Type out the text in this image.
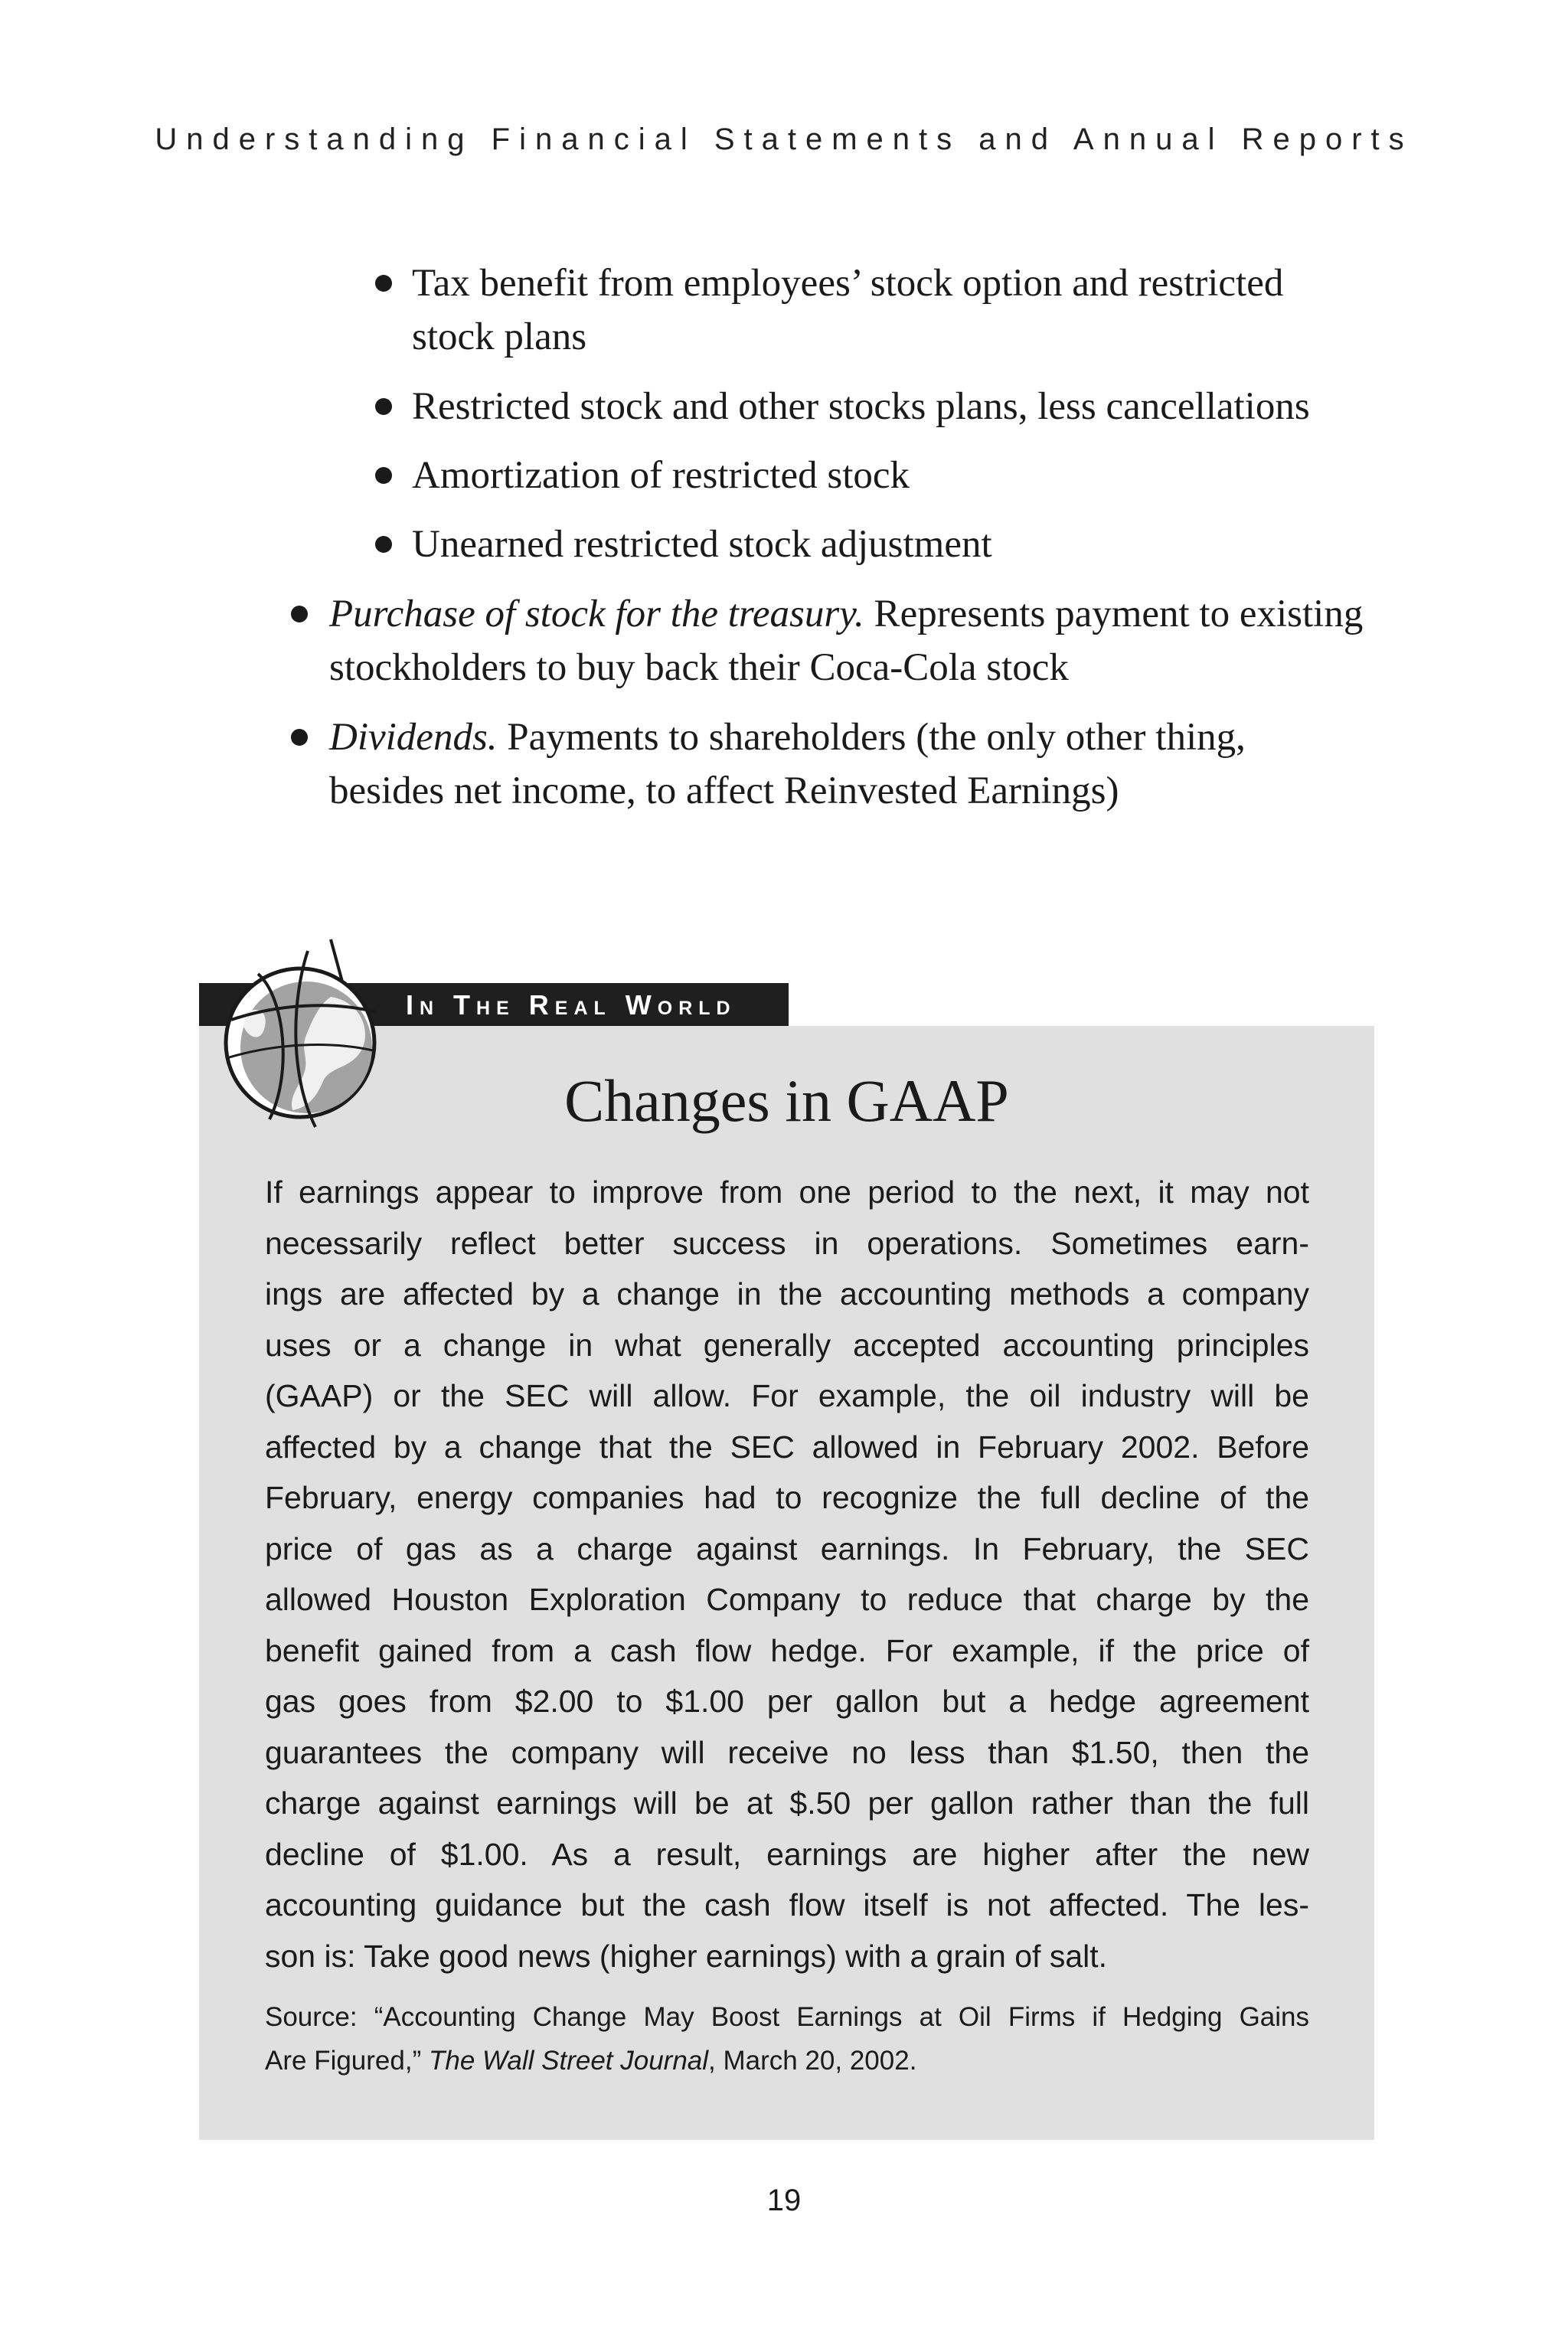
Understanding Financial Statements and Annual Reports
Tax benefit from employees’ stock option and restricted
stock plans
Restricted stock and other stocks plans, less cancellations
Amortization of restricted stock
Unearned restricted stock adjustment
Purchase of stock for the treasury. Represents payment to existing
stockholders to buy back their Coca-Cola stock
Dividends. Payments to shareholders (the only other thing,
besides net income, to affect Reinvested Earnings)
In The Real World
Changes in GAAP
If earnings appear to improve from one period to the next, it may not
necessarily reflect better success in operations. Sometimes earn-
ings are affected by a change in the accounting methods a company
uses or a change in what generally accepted accounting principles
(GAAP) or the SEC will allow. For example, the oil industry will be
affected by a change that the SEC allowed in February 2002. Before
February, energy companies had to recognize the full decline of the
price of gas as a charge against earnings. In February, the SEC
allowed Houston Exploration Company to reduce that charge by the
benefit gained from a cash flow hedge. For example, if the price of
gas goes from $2.00 to $1.00 per gallon but a hedge agreement
guarantees the company will receive no less than $1.50, then the
charge against earnings will be at $.50 per gallon rather than the full
decline of $1.00. As a result, earnings are higher after the new
accounting guidance but the cash flow itself is not affected. The les-
son is: Take good news (higher earnings) with a grain of salt.
Source: “Accounting Change May Boost Earnings at Oil Firms if Hedging Gains
Are Figured,” The Wall Street Journal, March 20, 2002.
19
